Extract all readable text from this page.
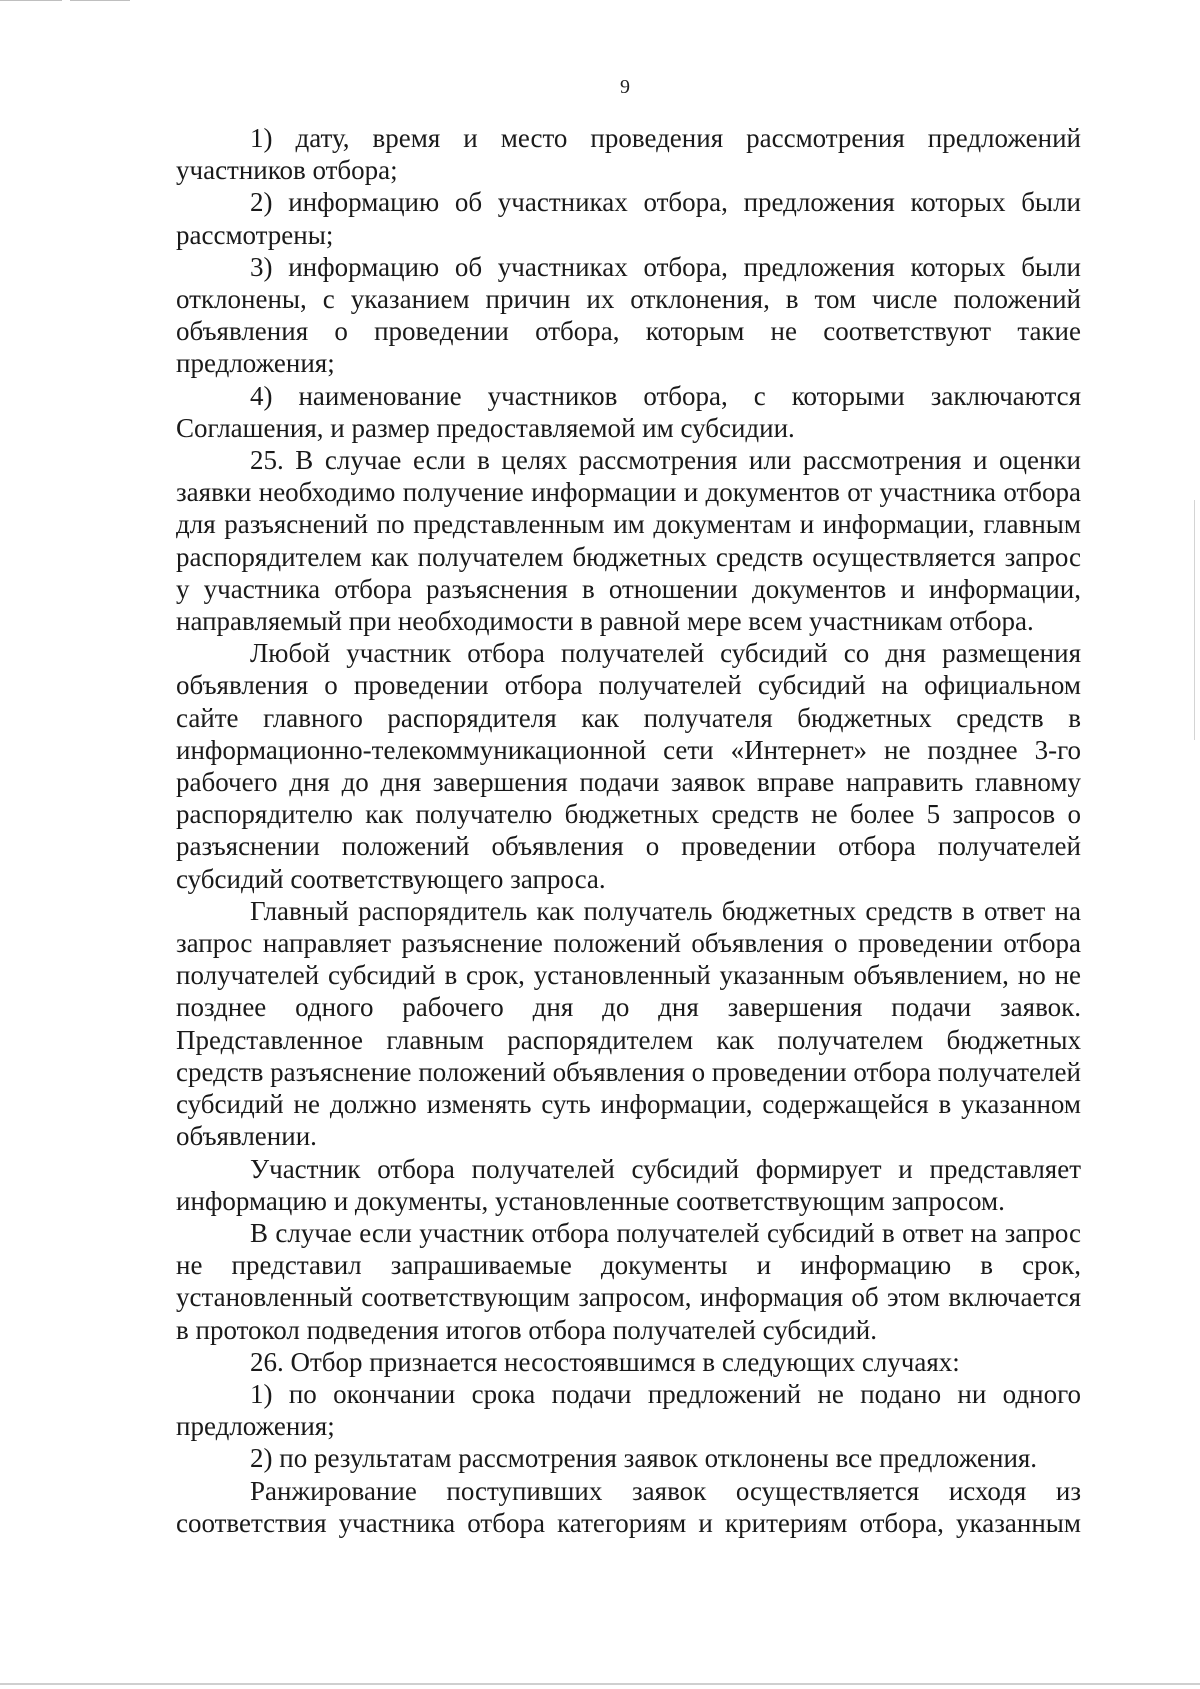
9

1) дату, время и место проведения рассмотрения предложений участников отбора;

2) информацию об участниках отбора, предложения которых были рассмотрены;

3) информацию об участниках отбора, предложения которых были отклонены, с указанием причин их отклонения, в том числе положений объявления о проведении отбора, которым не соответствуют такие предложения;

4) наименование участников отбора, с которыми заключаются Соглашения, и размер предоставляемой им субсидии.

25. В случае если в целях рассмотрения или рассмотрения и оценки заявки необходимо получение информации и документов от участника отбора для разъяснений по представленным им документам и информации, главным распорядителем как получателем бюджетных средств осуществляется запрос у участника отбора разъяснения в отношении документов и информации, направляемый при необходимости в равной мере всем участникам отбора.

Любой участник отбора получателей субсидий со дня размещения объявления о проведении отбора получателей субсидий на официальном сайте главного распорядителя как получателя бюджетных средств в информационно-телекоммуникационной сети «Интернет» не позднее 3-го рабочего дня до дня завершения подачи заявок вправе направить главному распорядителю как получателю бюджетных средств не более 5 запросов о разъяснении положений объявления о проведении отбора получателей субсидий соответствующего запроса.

Главный распорядитель как получатель бюджетных средств в ответ на запрос направляет разъяснение положений объявления о проведении отбора получателей субсидий в срок, установленный указанным объявлением, но не позднее одного рабочего дня до дня завершения подачи заявок. Представленное главным распорядителем как получателем бюджетных средств разъяснение положений объявления о проведении отбора получателей субсидий не должно изменять суть информации, содержащейся в указанном объявлении.

Участник отбора получателей субсидий формирует и представляет информацию и документы, установленные соответствующим запросом.

В случае если участник отбора получателей субсидий в ответ на запрос не представил запрашиваемые документы и информацию в срок, установленный соответствующим запросом, информация об этом включается в протокол подведения итогов отбора получателей субсидий.

26. Отбор признается несостоявшимся в следующих случаях:

1) по окончании срока подачи предложений не подано ни одного предложения;

2) по результатам рассмотрения заявок отклонены все предложения.

Ранжирование поступивших заявок осуществляется исходя из соответствия участника отбора категориям и критериям отбора, указанным
